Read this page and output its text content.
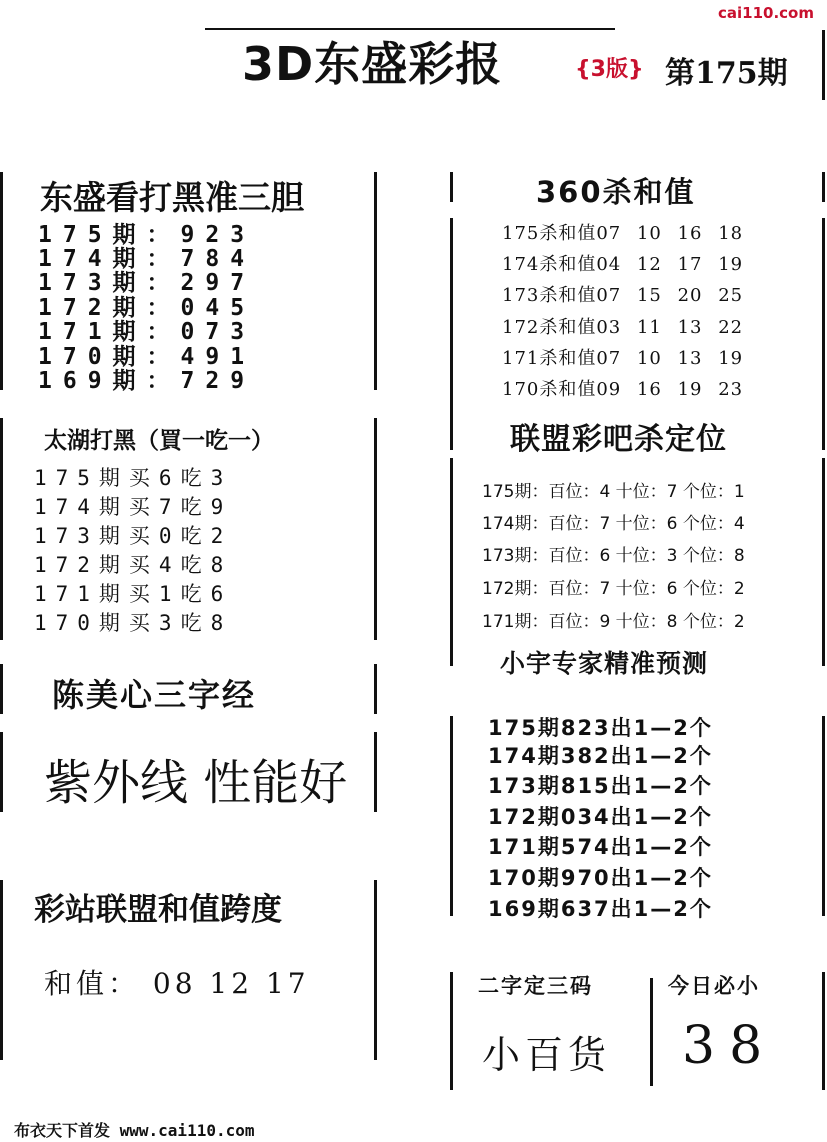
cai110.com
3D东盛彩报	{3版} 第175期
东盛看打黑准三胆
175期：923
174期：784
173期：297
172期：045
171期：073
170期：491
169期：729
太湖打黑（買一吃一）
175期买6吃3
174期买7吃9
173期买0吃2
172期买4吃8
171期买1吃6
170期买3吃8
陈美心三字经
紫外线 性能好
彩站联盟和值跨度
和值： 08 12 17
360杀和值
175杀和值07 10 16 18
174杀和值04 12 17 19
173杀和值07 15 20 25
172杀和值03 11 13 22
171杀和值07 10 13 19
170杀和值09 16 19 23
联盟彩吧杀定位
175期：百位：4 十位：7 个位：1
174期：百位：7 十位：6 个位：4
173期：百位：6 十位：3 个位：8
172期：百位：7 十位：6 个位：2
171期：百位：9 十位：8 个位：2
小宇专家精准预测
175期823出1—2个
174期382出1—2个
173期815出1—2个
172期034出1—2个
171期574出1—2个
170期970出1—2个
169期637出1—2个
二字定三码
小百货
今日必小
38
布衣天下首发 www.cai110.com
